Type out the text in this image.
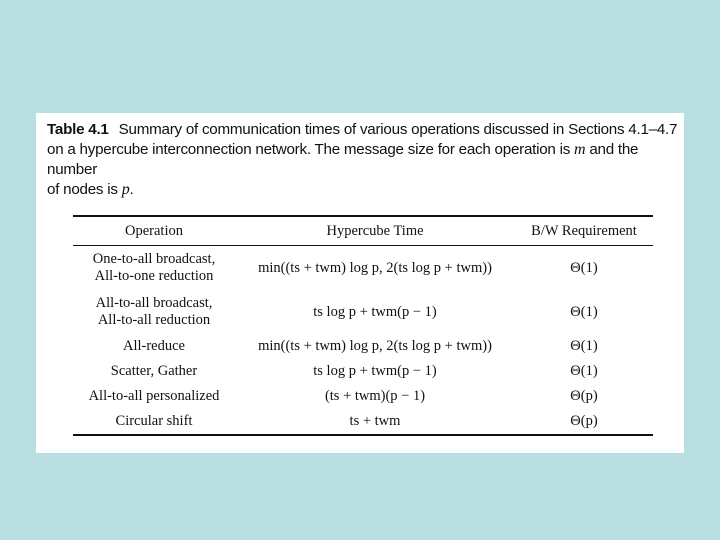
Table 4.1 Summary of communication times of various operations discussed in Sections 4.1–4.7
on a hypercube interconnection network. The message size for each operation is m and the number
of nodes is p.
Operation	Hypercube Time	B/W Requirement
One-to-all broadcast,
All-to-one reduction
min((ts + twm) log p, 2(ts log p + twm))	Θ(1)
All-to-all broadcast,
All-to-all reduction
ts log p + twm(p − 1)	Θ(1)
All-reduce	min((ts + twm) log p, 2(ts log p + twm))	Θ(1)
Scatter, Gather	ts log p + twm(p − 1)	Θ(1)
All-to-all personalized	(ts + twm)(p − 1)	Θ(p)
Circular shift	ts + twm	Θ(p)
